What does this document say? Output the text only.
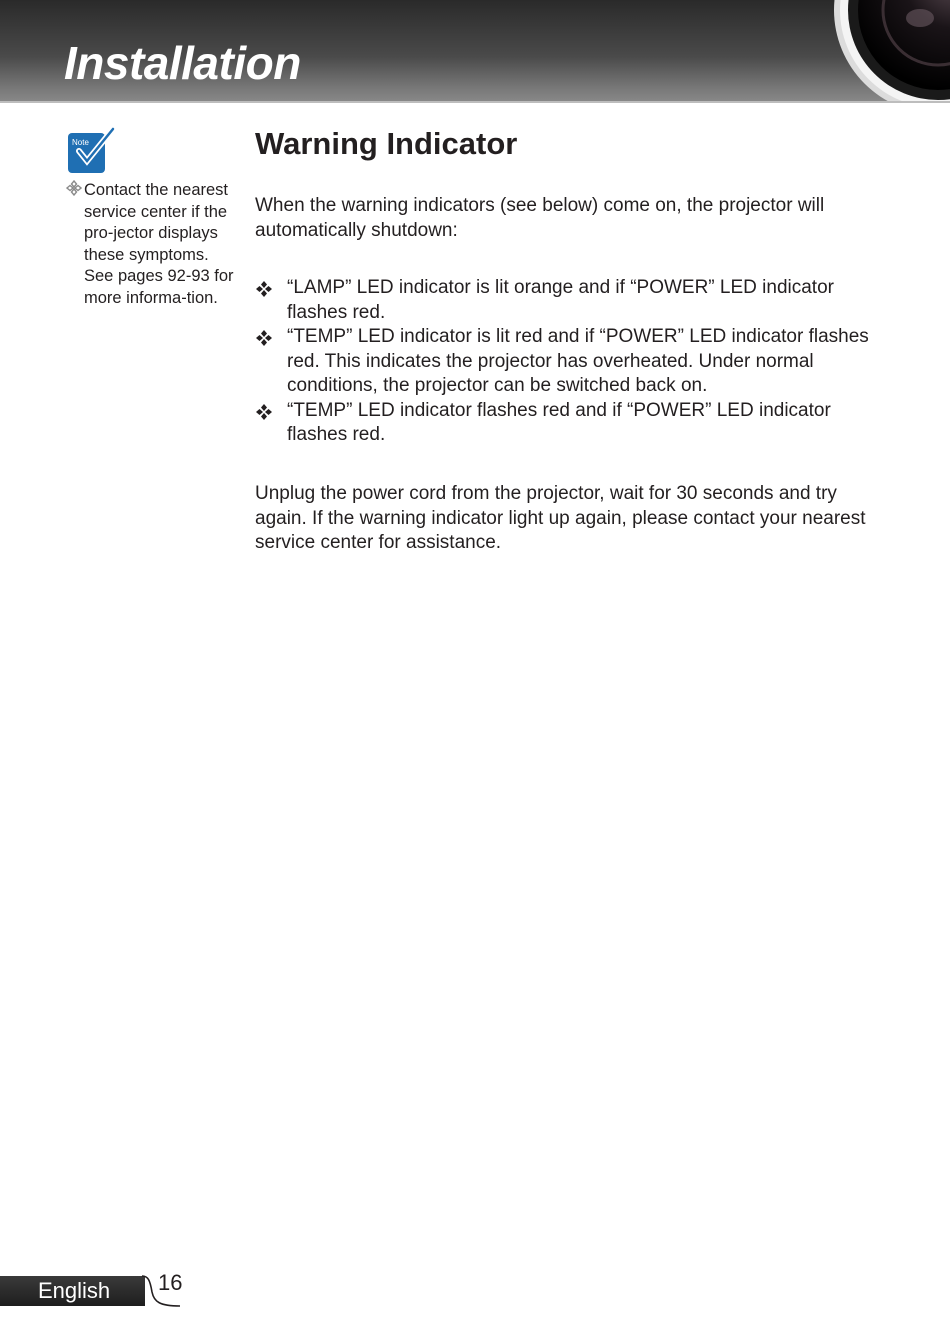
Installation
Note
Contact the nearest service center if the pro-jector displays these symptoms. See pages 92-93 for more informa-tion.
Warning Indicator

When the warning indicators (see below) come on, the projector will automatically shutdown:

“LAMP” LED indicator is lit orange and if “POWER” LED indicator flashes red.
“TEMP” LED indicator is lit red and if “POWER” LED indicator flashes red. This indicates the projector has overheated. Under normal conditions, the projector can be switched back on.
“TEMP” LED indicator flashes red and if “POWER” LED indicator flashes red.

Unplug the power cord from the projector, wait for 30 seconds and try again. If the warning indicator light up again, please contact your nearest service center for assistance.

English 16
